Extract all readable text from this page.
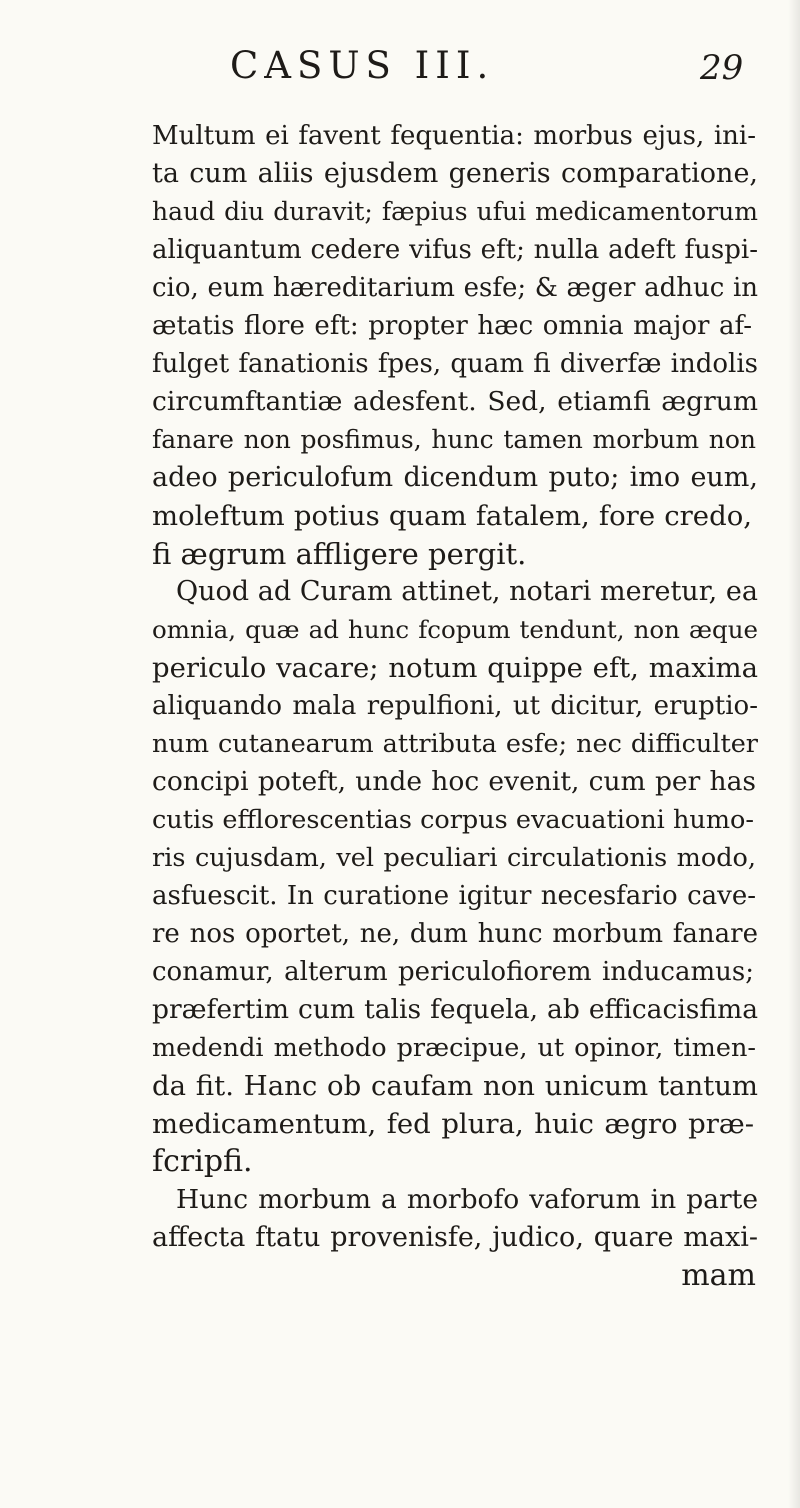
CASUS III.	29
Multum ei favent fequentia: morbus ejus, ini-
ta cum aliis ejusdem generis comparatione,
haud diu duravit; fæpius ufui medicamentorum
aliquantum cedere vifus eft; nulla adeft fuspi-
cio, eum hæreditarium esfe; & æger adhuc in
ætatis flore eft: propter hæc omnia major af-
fulget fanationis fpes, quam fi diverfæ indolis
circumftantiæ adesfent. Sed, etiamfi ægrum
fanare non posfimus, hunc tamen morbum non
adeo periculofum dicendum puto; imo eum,
moleftum potius quam fatalem, fore credo,
fi ægrum affligere pergit.
Quod ad Curam attinet, notari meretur, ea
omnia, quæ ad hunc fcopum tendunt, non æque
periculo vacare; notum quippe eft, maxima
aliquando mala repulfioni, ut dicitur, eruptio-
num cutanearum attributa esfe; nec difficulter
concipi poteft, unde hoc evenit, cum per has
cutis efflorescentias corpus evacuationi humo-
ris cujusdam, vel peculiari circulationis modo,
asfuescit. In curatione igitur necesfario cave-
re nos oportet, ne, dum hunc morbum fanare
conamur, alterum periculofiorem inducamus;
præfertim cum talis fequela, ab efficacisfima
medendi methodo præcipue, ut opinor, timen-
da fit. Hanc ob caufam non unicum tantum
medicamentum, fed plura, huic ægro præ-
fcripfi.
Hunc morbum a morbofo vaforum in parte
affecta ftatu provenisfe, judico, quare maxi-
mam
